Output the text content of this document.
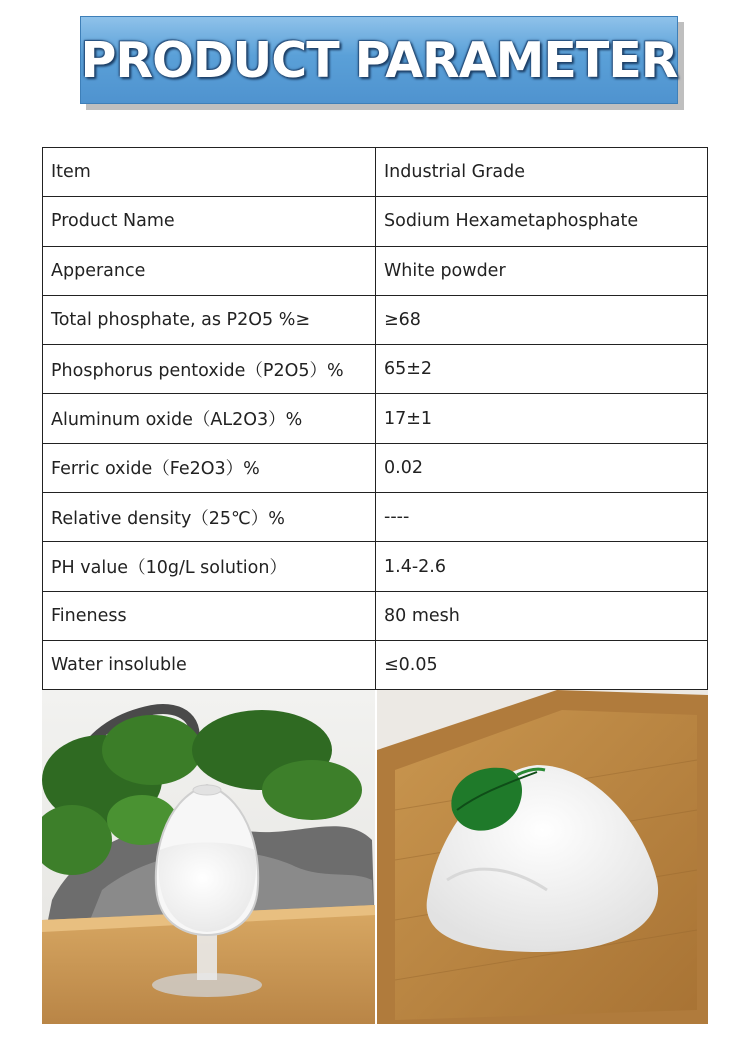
PRODUCT PARAMETER
Item	Industrial Grade
Product Name	Sodium Hexametaphosphate
Apperance	White powder
Total phosphate, as P2O5 %≥	≥68
Phosphorus pentoxide（P2O5）%	65±2
Aluminum oxide（AL2O3）%	17±1
Ferric oxide（Fe2O3）%	0.02
Relative density（25℃）%	----
PH value（10g/L solution）	1.4-2.6
Fineness	80 mesh
Water insoluble	≤0.05
